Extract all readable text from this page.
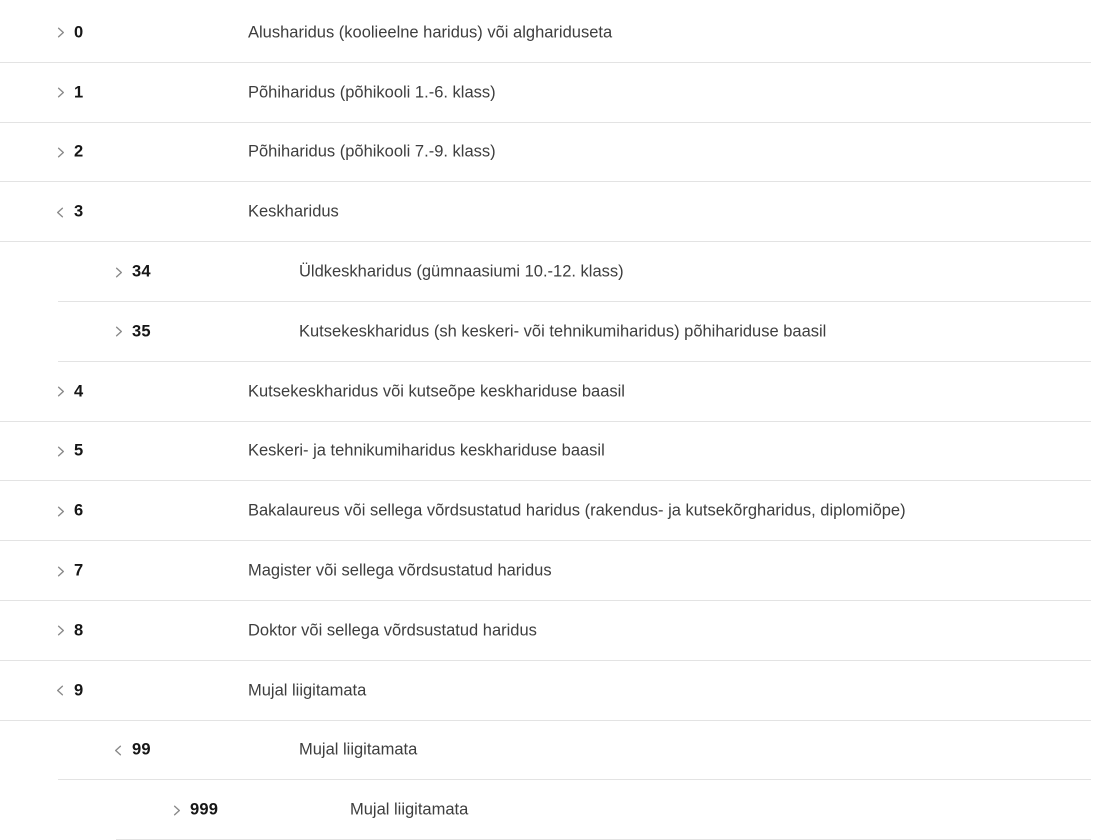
0	Alusharidus (koolieelne haridus) või alghariduseta
1	Põhiharidus (põhikooli 1.-6. klass)
2	Põhiharidus (põhikooli 7.-9. klass)
3	Keskharidus
34	Üldkeskharidus (gümnaasiumi 10.-12. klass)
35	Kutsekeskharidus (sh keskeri- või tehnikumiharidus) põhihariduse baasil
4	Kutsekeskharidus või kutseõpe keskhariduse baasil
5	Keskeri- ja tehnikumiharidus keskhariduse baasil
6	Bakalaureus või sellega võrdsustatud haridus (rakendus- ja kutsekõrgharidus, diplomiõpe)
7	Magister või sellega võrdsustatud haridus
8	Doktor või sellega võrdsustatud haridus
9	Mujal liigitamata
99	Mujal liigitamata
999	Mujal liigitamata
